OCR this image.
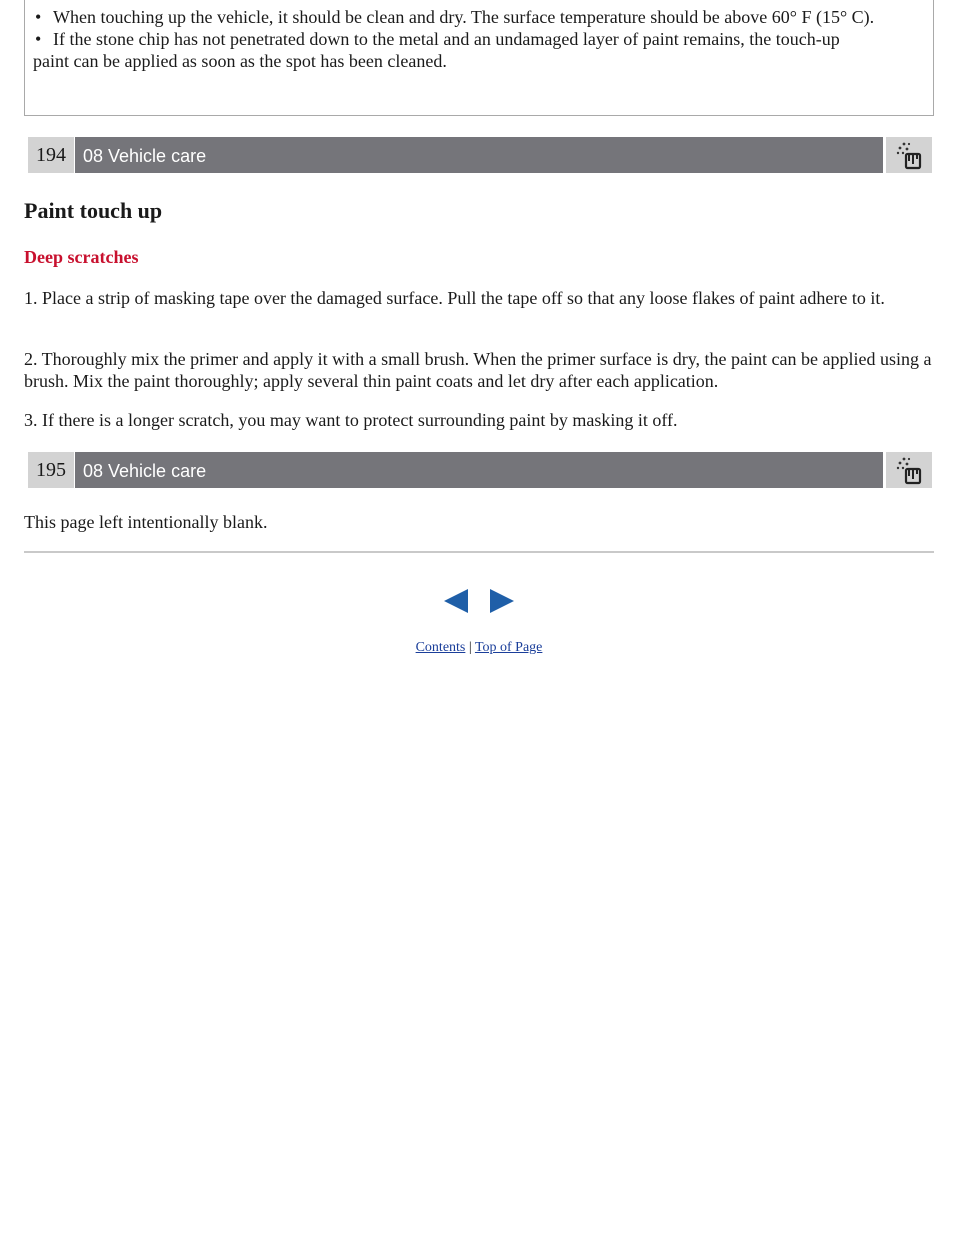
• When touching up the vehicle, it should be clean and dry. The surface temperature should be above 60° F (15° C).
• If the stone chip has not penetrated down to the metal and an undamaged layer of paint remains, the touch-up
paint can be applied as soon as the spot has been cleaned.
194 08 Vehicle care
Paint touch up
Deep scratches

1. Place a strip of masking tape over the damaged surface. Pull the tape off so that any loose flakes of paint adhere to it.

2. Thoroughly mix the primer and apply it with a small brush. When the primer surface is dry, the paint can be applied using a brush. Mix the paint thoroughly; apply several thin paint coats and let dry after each application.

3. If there is a longer scratch, you may want to protect surrounding paint by masking it off.

195 08 Vehicle care

This page left intentionally blank.

Contents | Top of Page
